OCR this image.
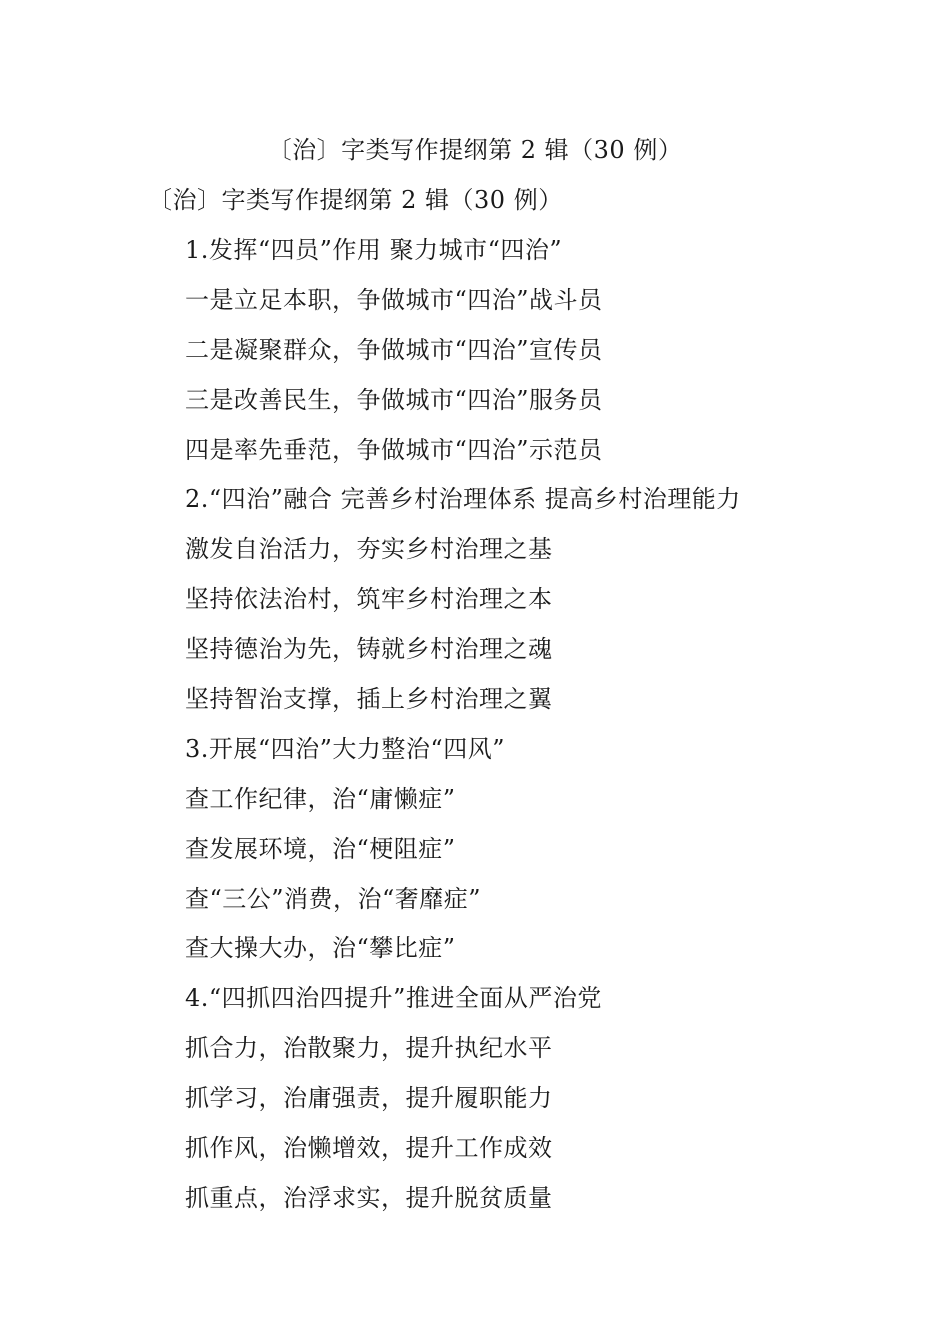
〔治〕字类写作提纲第 2 辑（30 例）
〔治〕字类写作提纲第 2 辑（30 例）
1.发挥“四员”作用 聚力城市“四治”
一是立足本职，争做城市“四治”战斗员
二是凝聚群众，争做城市“四治”宣传员
三是改善民生，争做城市“四治”服务员
四是率先垂范，争做城市“四治”示范员
2.“四治”融合 完善乡村治理体系 提高乡村治理能力
激发自治活力，夯实乡村治理之基
坚持依法治村，筑牢乡村治理之本
坚持德治为先，铸就乡村治理之魂
坚持智治支撑，插上乡村治理之翼
3.开展“四治”大力整治“四风”
查工作纪律，治“庸懒症”
查发展环境，治“梗阻症”
查“三公”消费，治“奢靡症”
查大操大办，治“攀比症”
4.“四抓四治四提升”推进全面从严治党
抓合力，治散聚力，提升执纪水平
抓学习，治庸强责，提升履职能力
抓作风，治懒增效，提升工作成效
抓重点，治浮求实，提升脱贫质量
